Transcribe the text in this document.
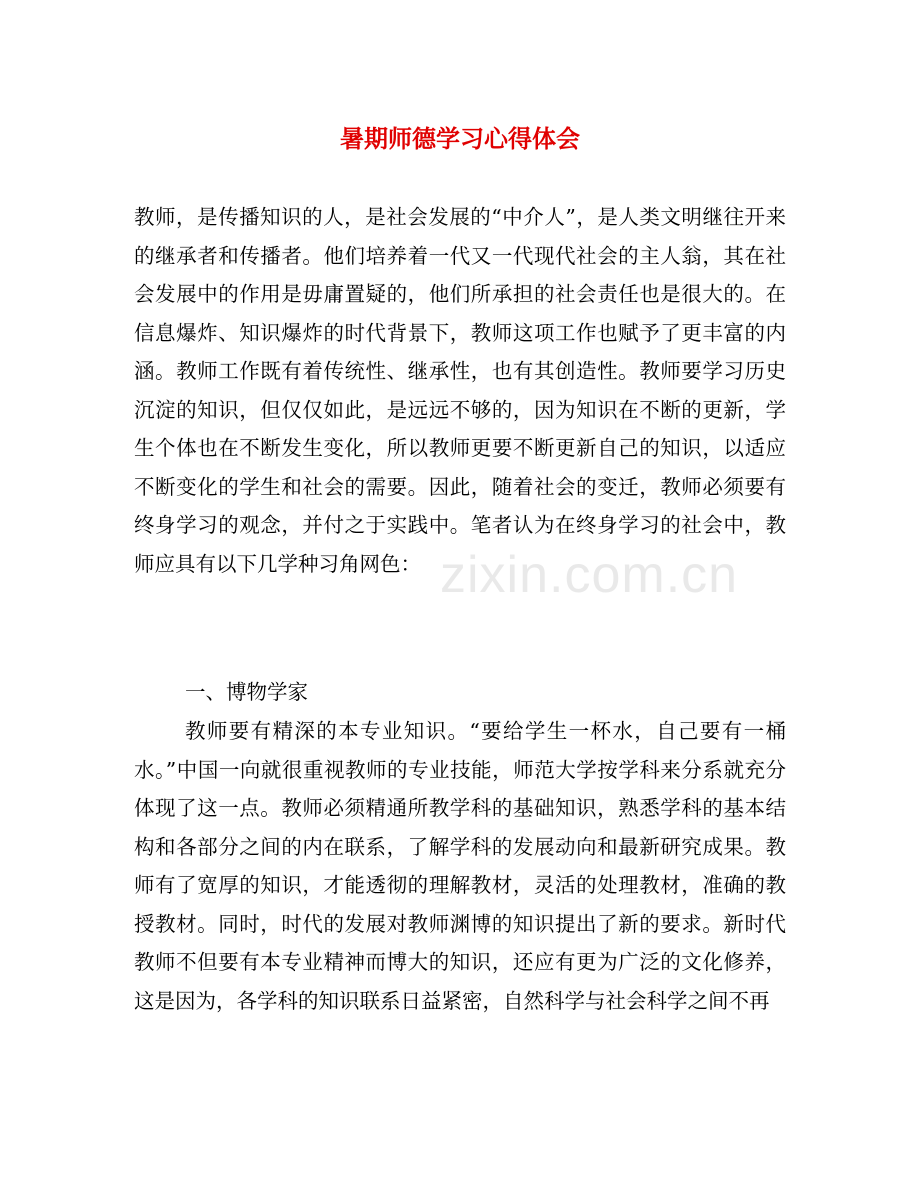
暑期师德学习心得体会

教师，是传播知识的人，是社会发展的“中介人”，是人类文明继往开来的继承者和传播者。他们培养着一代又一代现代社会的主人翁，其在社会发展中的作用是毋庸置疑的，他们所承担的社会责任也是很大的。在信息爆炸、知识爆炸的时代背景下，教师这项工作也赋予了更丰富的内涵。教师工作既有着传统性、继承性，也有其创造性。教师要学习历史沉淀的知识，但仅仅如此，是远远不够的，因为知识在不断的更新，学生个体也在不断发生变化，所以教师更要不断更新自己的知识，以适应不断变化的学生和社会的需要。因此，随着社会的变迁，教师必须要有终身学习的观念，并付之于实践中。笔者认为在终身学习的社会中，教师应具有以下几学种习角网色：

一、博物学家

教师要有精深的本专业知识。“要给学生一杯水，自己要有一桶水。”中国一向就很重视教师的专业技能，师范大学按学科来分系就充分体现了这一点。教师必须精通所教学科的基础知识，熟悉学科的基本结构和各部分之间的内在联系，了解学科的发展动向和最新研究成果。教师有了宽厚的知识，才能透彻的理解教材，灵活的处理教材，准确的教授教材。同时，时代的发展对教师渊博的知识提出了新的要求。新时代教师不但要有本专业精神而博大的知识，还应有更为广泛的文化修养，这是因为，各学科的知识联系日益紧密，自然科学与社会科学之间不再

zixin.com.cn
